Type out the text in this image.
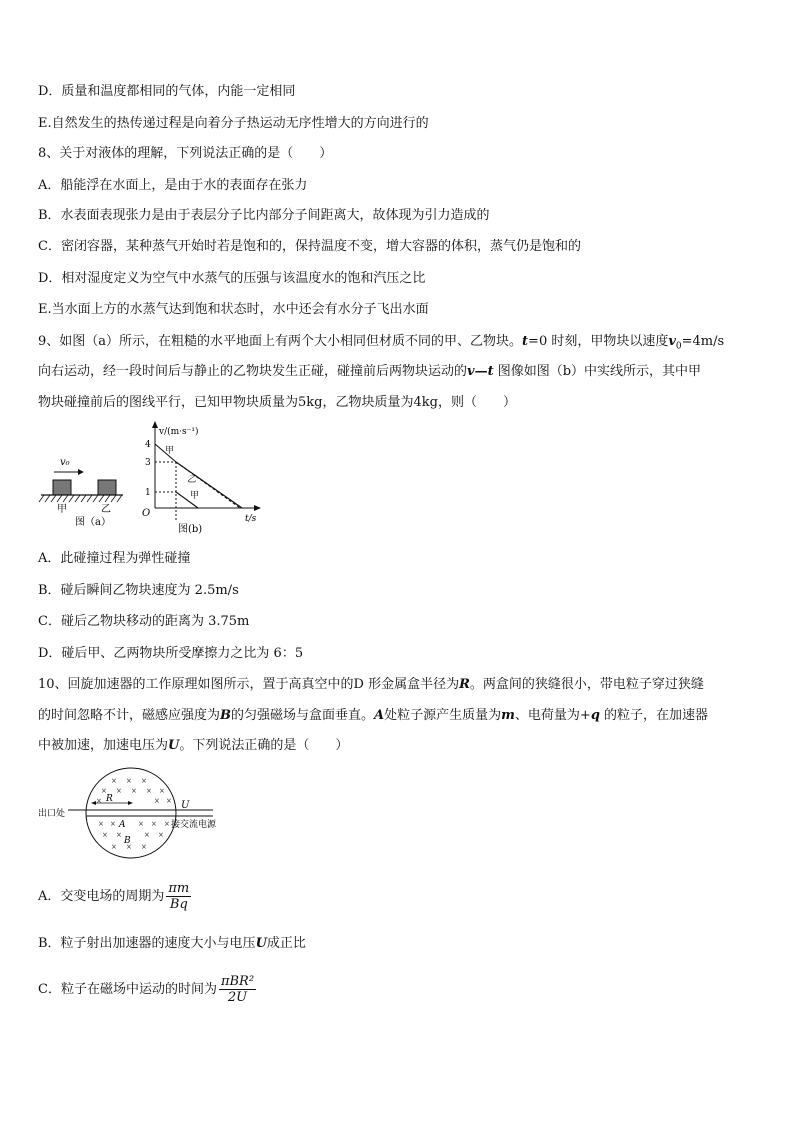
D．质量和温度都相同的气体，内能一定相同
E.自然发生的热传递过程是向着分子热运动无序性增大的方向进行的
8、关于对液体的理解，下列说法正确的是（　　）
A．船能浮在水面上，是由于水的表面存在张力
B．水表面表现张力是由于表层分子比内部分子间距离大，故体现为引力造成的
C．密闭容器，某种蒸气开始时若是饱和的，保持温度不变，增大容器的体积，蒸气仍是饱和的
D．相对湿度定义为空气中水蒸气的压强与该温度水的饱和汽压之比
E.当水面上方的水蒸气达到饱和状态时，水中还会有水分子飞出水面
9、如图（a）所示，在粗糙的水平地面上有两个大小相同但材质不同的甲、乙物块。t=0 时刻，甲物块以速度$v_0=4m/s$
向右运动，经一段时间后与静止的乙物块发生正碰，碰撞前后两物块运动的v—t 图像如图（b）中实线所示，其中甲
物块碰撞前后的图线平行，已知甲物块质量为5kg，乙物块质量为4kg，则（　　）
v₀
甲	乙
图（a）
v/(m·s⁻¹)
t/s
O
4
3
1
甲
乙
甲
图(b)
A．此碰撞过程为弹性碰撞
B．碰后瞬间乙物块速度为 2.5m/s
C．碰后乙物块移动的距离为 3.75m
D．碰后甲、乙两物块所受摩擦力之比为 6：5
10、回旋加速器的工作原理如图所示，置于高真空中的D 形金属盒半径为R。两盒间的狭缝很小，带电粒子穿过狭缝
的时间忽略不计，磁感应强度为B的匀强磁场与盒面垂直。A处粒子源产生质量为m、电荷量为+q 的粒子，在加速器
中被加速，加速电压为U。下列说法正确的是（　　）
× × ×
× × × × ×
×	× ×
× ×	× × ×
× ×	× ×
× × ×
R
出口处
A
B
U
接交流电源
A．交变电场的周期为 $\frac{\pi m}{Bq}$
B．粒子射出加速器的速度大小与电压U成正比
C．粒子在磁场中运动的时间为 $\frac{\text{πBR²}}{2U}$
